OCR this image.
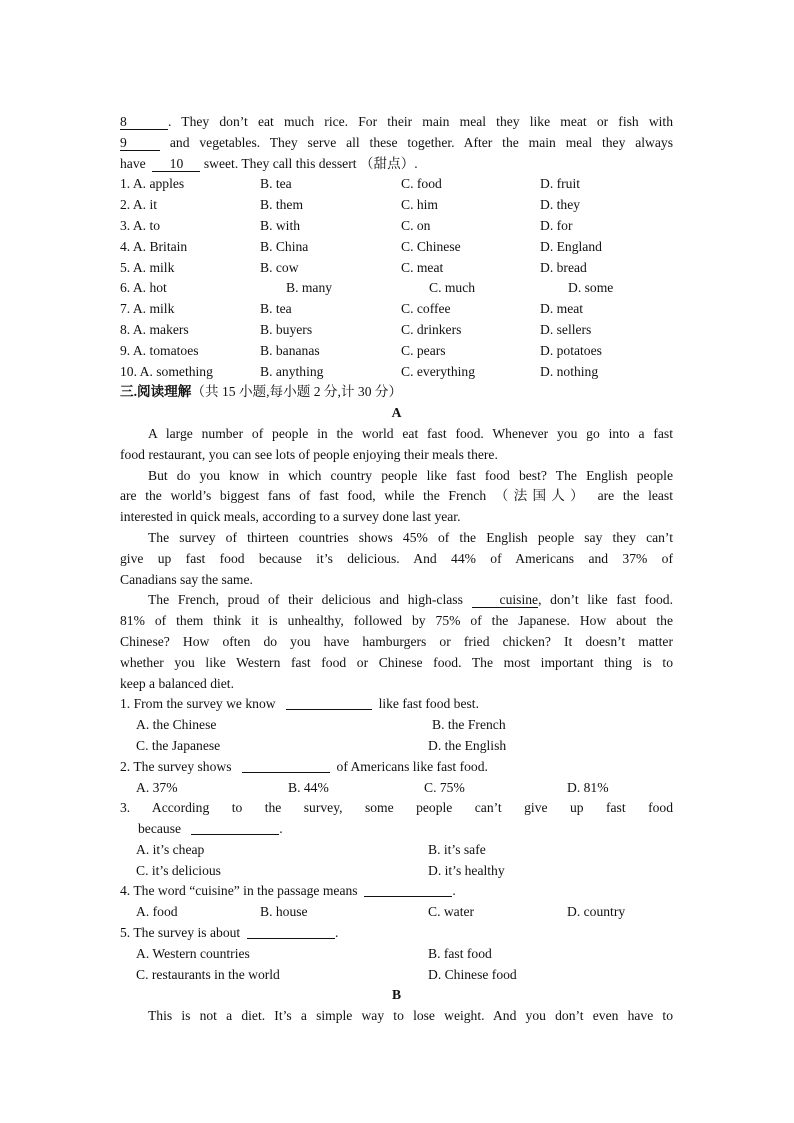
8	. They don’t eat much rice. For their main meal they like meat or fish with
9	and vegetables. They serve all these together. After the main meal they always
have 10 sweet. They call this dessert （甜点）.
1. A. apples	B. tea	C. food	D. fruit
2. A. it	B. them	C. him	D. they
3. A. to	B. with	C. on	D. for
4. A. Britain	B. China	C. Chinese	D. England
5. A. milk	B. cow	C. meat	D. bread
6. A. hot	B. many	C. much	D. some
7. A. milk	B. tea	C. coffee	D. meat
8. A. makers	B. buyers	C. drinkers	D. sellers
9. A. tomatoes	B. bananas	C. pears	D. potatoes
10. A. something	B. anything	C. everything	D. nothing
三.阅读理解（共 15 小题,每小题 2 分,计 30 分）
A
A large number of people in the world eat fast food. Whenever you go into a fast
food restaurant, you can see lots of people enjoying their meals there.
But do you know in which country people like fast food best? The English people
are the world’s biggest fans of fast food, while the French （法国人） are the least
interested in quick meals, according to a survey done last year.
The survey of thirteen countries shows 45% of the English people say they can’t
give up fast food because it’s delicious. And 44% of Americans and 37% of
Canadians say the same.
The French, proud of their delicious and high-class	cuisine, don’t like fast food.
81% of them think it is unhealthy, followed by 75% of the Japanese. How about the
Chinese? How often do you have hamburgers or fried chicken? It doesn’t matter
whether you like Western fast food or Chinese food. The most important thing is to
keep a balanced diet.
1. From the survey we know	like fast food best.
A. the Chinese	B. the French
C. the Japanese	D. the English
2. The survey shows	of Americans like fast food.
A. 37%	B. 44%	C. 75%	D. 81%
3. According to the survey, some people can’t give up fast food
because	.
A. it’s cheap	B. it’s safe
C. it’s delicious	D. it’s healthy
4. The word “cuisine” in the passage means	.
A. food	B. house	C. water	D. country
5. The survey is about	.
A. Western countries	B. fast food
C. restaurants in the world	D. Chinese food
B
This is not a diet. It’s a simple way to lose weight. And you don’t even have to
